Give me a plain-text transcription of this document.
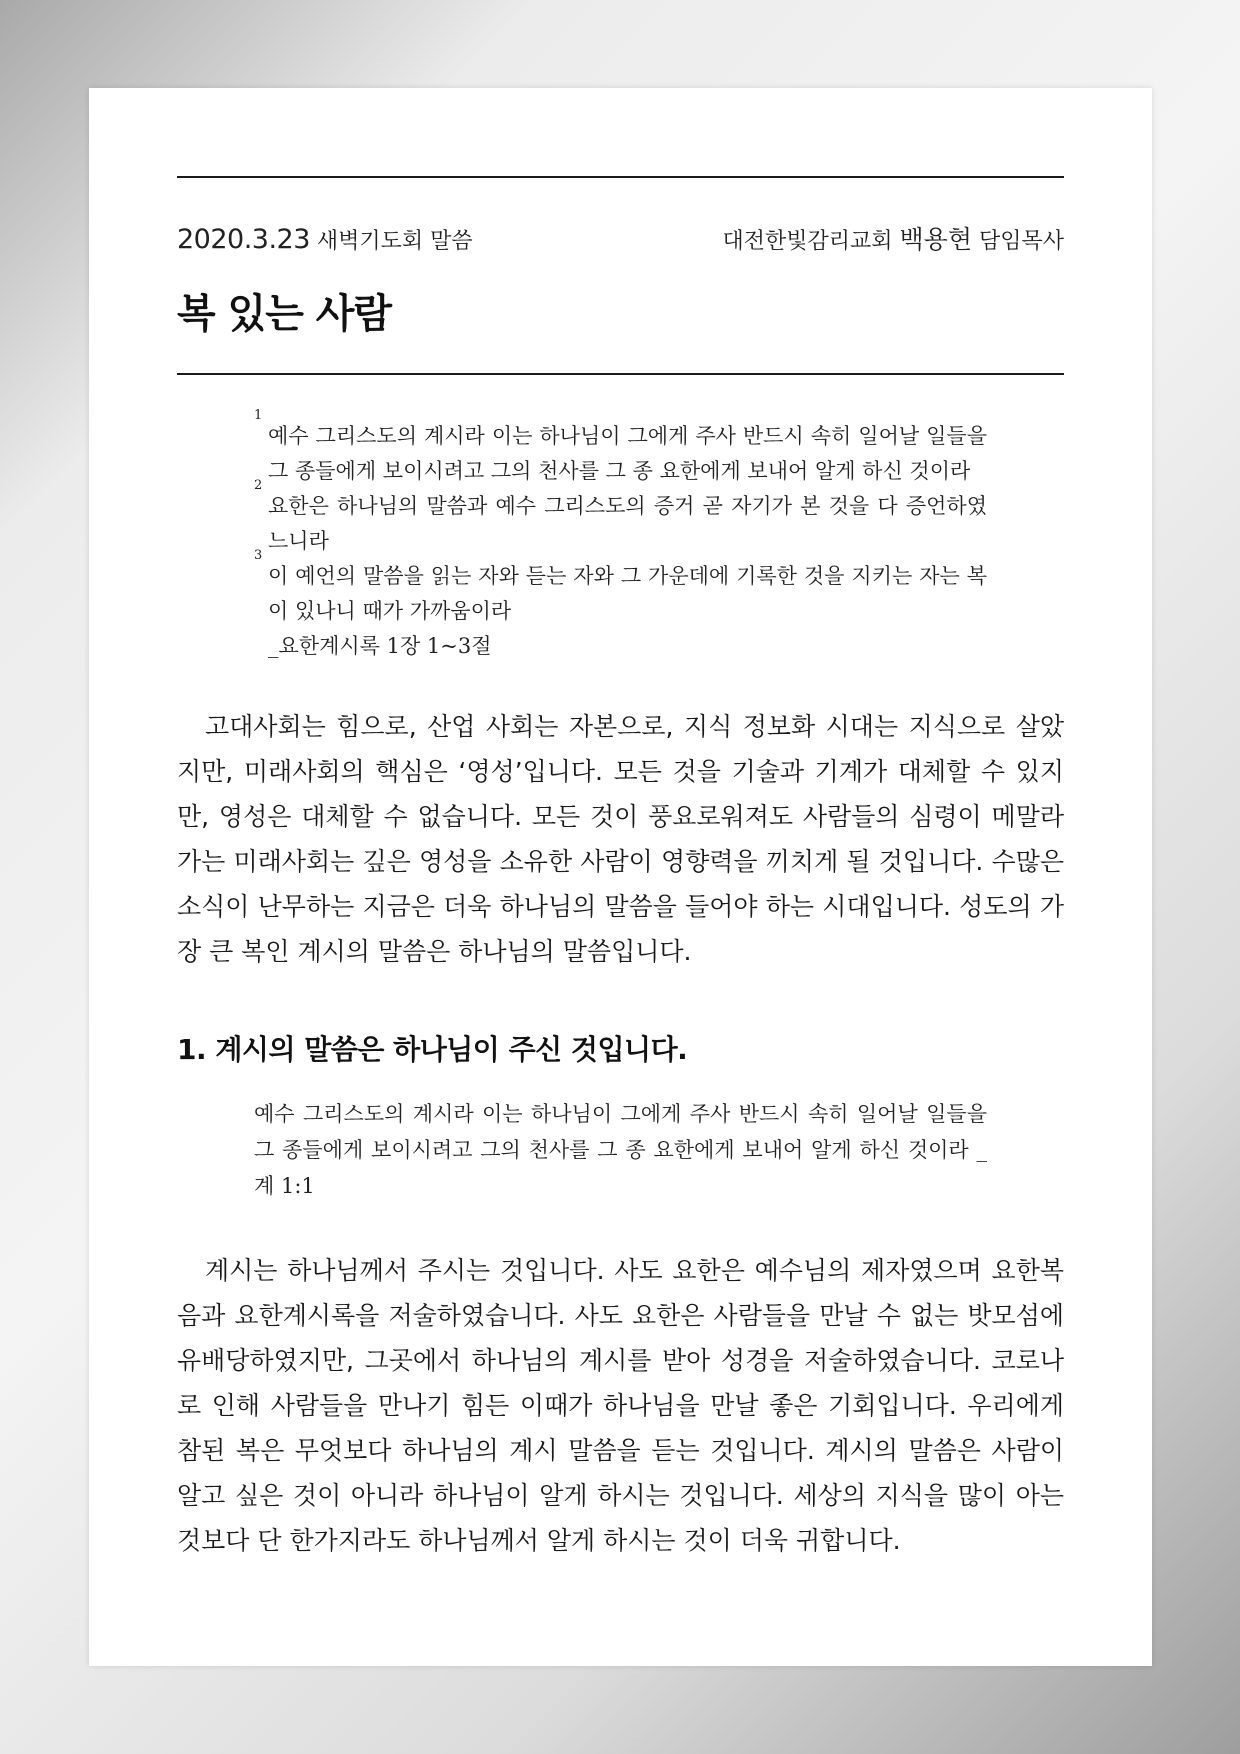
2020.3.23 새벽기도회 말씀	대전한빛감리교회 백용현 담임목사
복 있는 사람
1
예수 그리스도의 계시라 이는 하나님이 그에게 주사 반드시 속히 일어날 일들을 그 종들에게 보이시려고 그의 천사를 그 종 요한에게 보내어 알게 하신 것이라
2
요한은 하나님의 말씀과 예수 그리스도의 증거 곧 자기가 본 것을 다 증언하였느니라
3
이 예언의 말씀을 읽는 자와 듣는 자와 그 가운데에 기록한 것을 지키는 자는 복이 있나니 때가 가까움이라
_요한계시록 1장 1~3절

고대사회는 힘으로, 산업 사회는 자본으로, 지식 정보화 시대는 지식으로 살았지만, 미래사회의 핵심은 ‘영성’입니다. 모든 것을 기술과 기계가 대체할 수 있지만, 영성은 대체할 수 없습니다. 모든 것이 풍요로워져도 사람들의 심령이 메말라 가는 미래사회는 깊은 영성을 소유한 사람이 영향력을 끼치게 될 것입니다. 수많은 소식이 난무하는 지금은 더욱 하나님의 말씀을 들어야 하는 시대입니다. 성도의 가장 큰 복인 계시의 말씀은 하나님의 말씀입니다.

1. 계시의 말씀은 하나님이 주신 것입니다.
예수 그리스도의 계시라 이는 하나님이 그에게 주사 반드시 속히 일어날 일들을 그 종들에게 보이시려고 그의 천사를 그 종 요한에게 보내어 알게 하신 것이라 _계 1:1

계시는 하나님께서 주시는 것입니다. 사도 요한은 예수님의 제자였으며 요한복음과 요한계시록을 저술하였습니다. 사도 요한은 사람들을 만날 수 없는 밧모섬에 유배당하였지만, 그곳에서 하나님의 계시를 받아 성경을 저술하였습니다. 코로나로 인해 사람들을 만나기 힘든 이때가 하나님을 만날 좋은 기회입니다. 우리에게 참된 복은 무엇보다 하나님의 계시 말씀을 듣는 것입니다. 계시의 말씀은 사람이 알고 싶은 것이 아니라 하나님이 알게 하시는 것입니다. 세상의 지식을 많이 아는 것보다 단 한가지라도 하나님께서 알게 하시는 것이 더욱 귀합니다.
